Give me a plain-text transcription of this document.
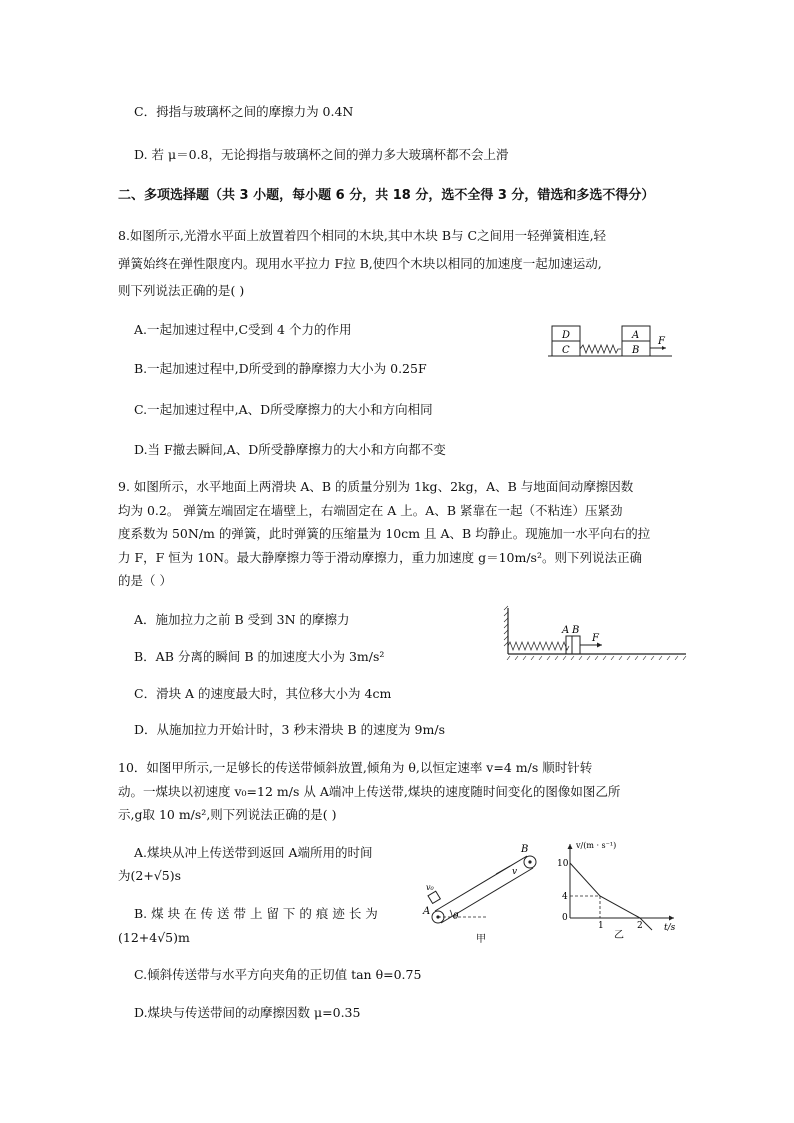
C．拇指与玻璃杯之间的摩擦力为 0.4N
D. 若 μ＝0.8，无论拇指与玻璃杯之间的弹力多大玻璃杯都不会上滑
二、多项选择题（共 3 小题，每小题 6 分，共 18 分，选不全得 3 分，错选和多选不得分）
8.如图所示,光滑水平面上放置着四个相同的木块,其中木块 B与 C之间用一轻弹簧相连,轻
弹簧始终在弹性限度内。现用水平拉力 F拉 B,使四个木块以相同的加速度一起加速运动,
则下列说法正确的是( )
A.一起加速过程中,C受到 4 个力的作用
B.一起加速过程中,D所受到的静摩擦力大小为 0.25F
C.一起加速过程中,A、D所受摩擦力的大小和方向相同
D.当 F撤去瞬间,A、D所受静摩擦力的大小和方向都不变
D
C
A
B
F
9. 如图所示，水平地面上两滑块 A、B 的质量分别为 1kg、2kg，A、B 与地面间动摩擦因数
均为 0.2。 弹簧左端固定在墙壁上，右端固定在 A 上。A、B 紧靠在一起（不粘连）压紧劲
度系数为 50N/m 的弹簧，此时弹簧的压缩量为 10cm 且 A、B 均静止。现施加一水平向右的拉
力 F，F 恒为 10N。最大静摩擦力等于滑动摩擦力，重力加速度 g＝10m/s²。则下列说法正确
的是（ ）
A．施加拉力之前 B 受到 3N 的摩擦力
B．AB 分离的瞬间 B 的加速度大小为 3m/s²
C．滑块 A 的速度最大时，其位移大小为 4cm
D．从施加拉力开始计时，3 秒末滑块 B 的速度为 9m/s
A B
F
10．如图甲所示,一足够长的传送带倾斜放置,倾角为 θ,以恒定速率 v=4 m/s 顺时针转
动。一煤块以初速度 v₀=12 m/s 从 A端冲上传送带,煤块的速度随时间变化的图像如图乙所
示,g取 10 m/s²,则下列说法正确的是( )
A.煤块从冲上传送带到返回 A端所用的时间
为(2+√5)s
B. 煤 块 在 传 送 带 上 留 下 的 痕 迹 长 为
(12+4√5)m
C.倾斜传送带与水平方向夹角的正切值 tan θ=0.75
D.煤块与传送带间的动摩擦因数 μ=0.35
B
A
v₀
v
θ
甲
v/(m · s⁻¹)
t/s
10
4
0
1	2
乙
